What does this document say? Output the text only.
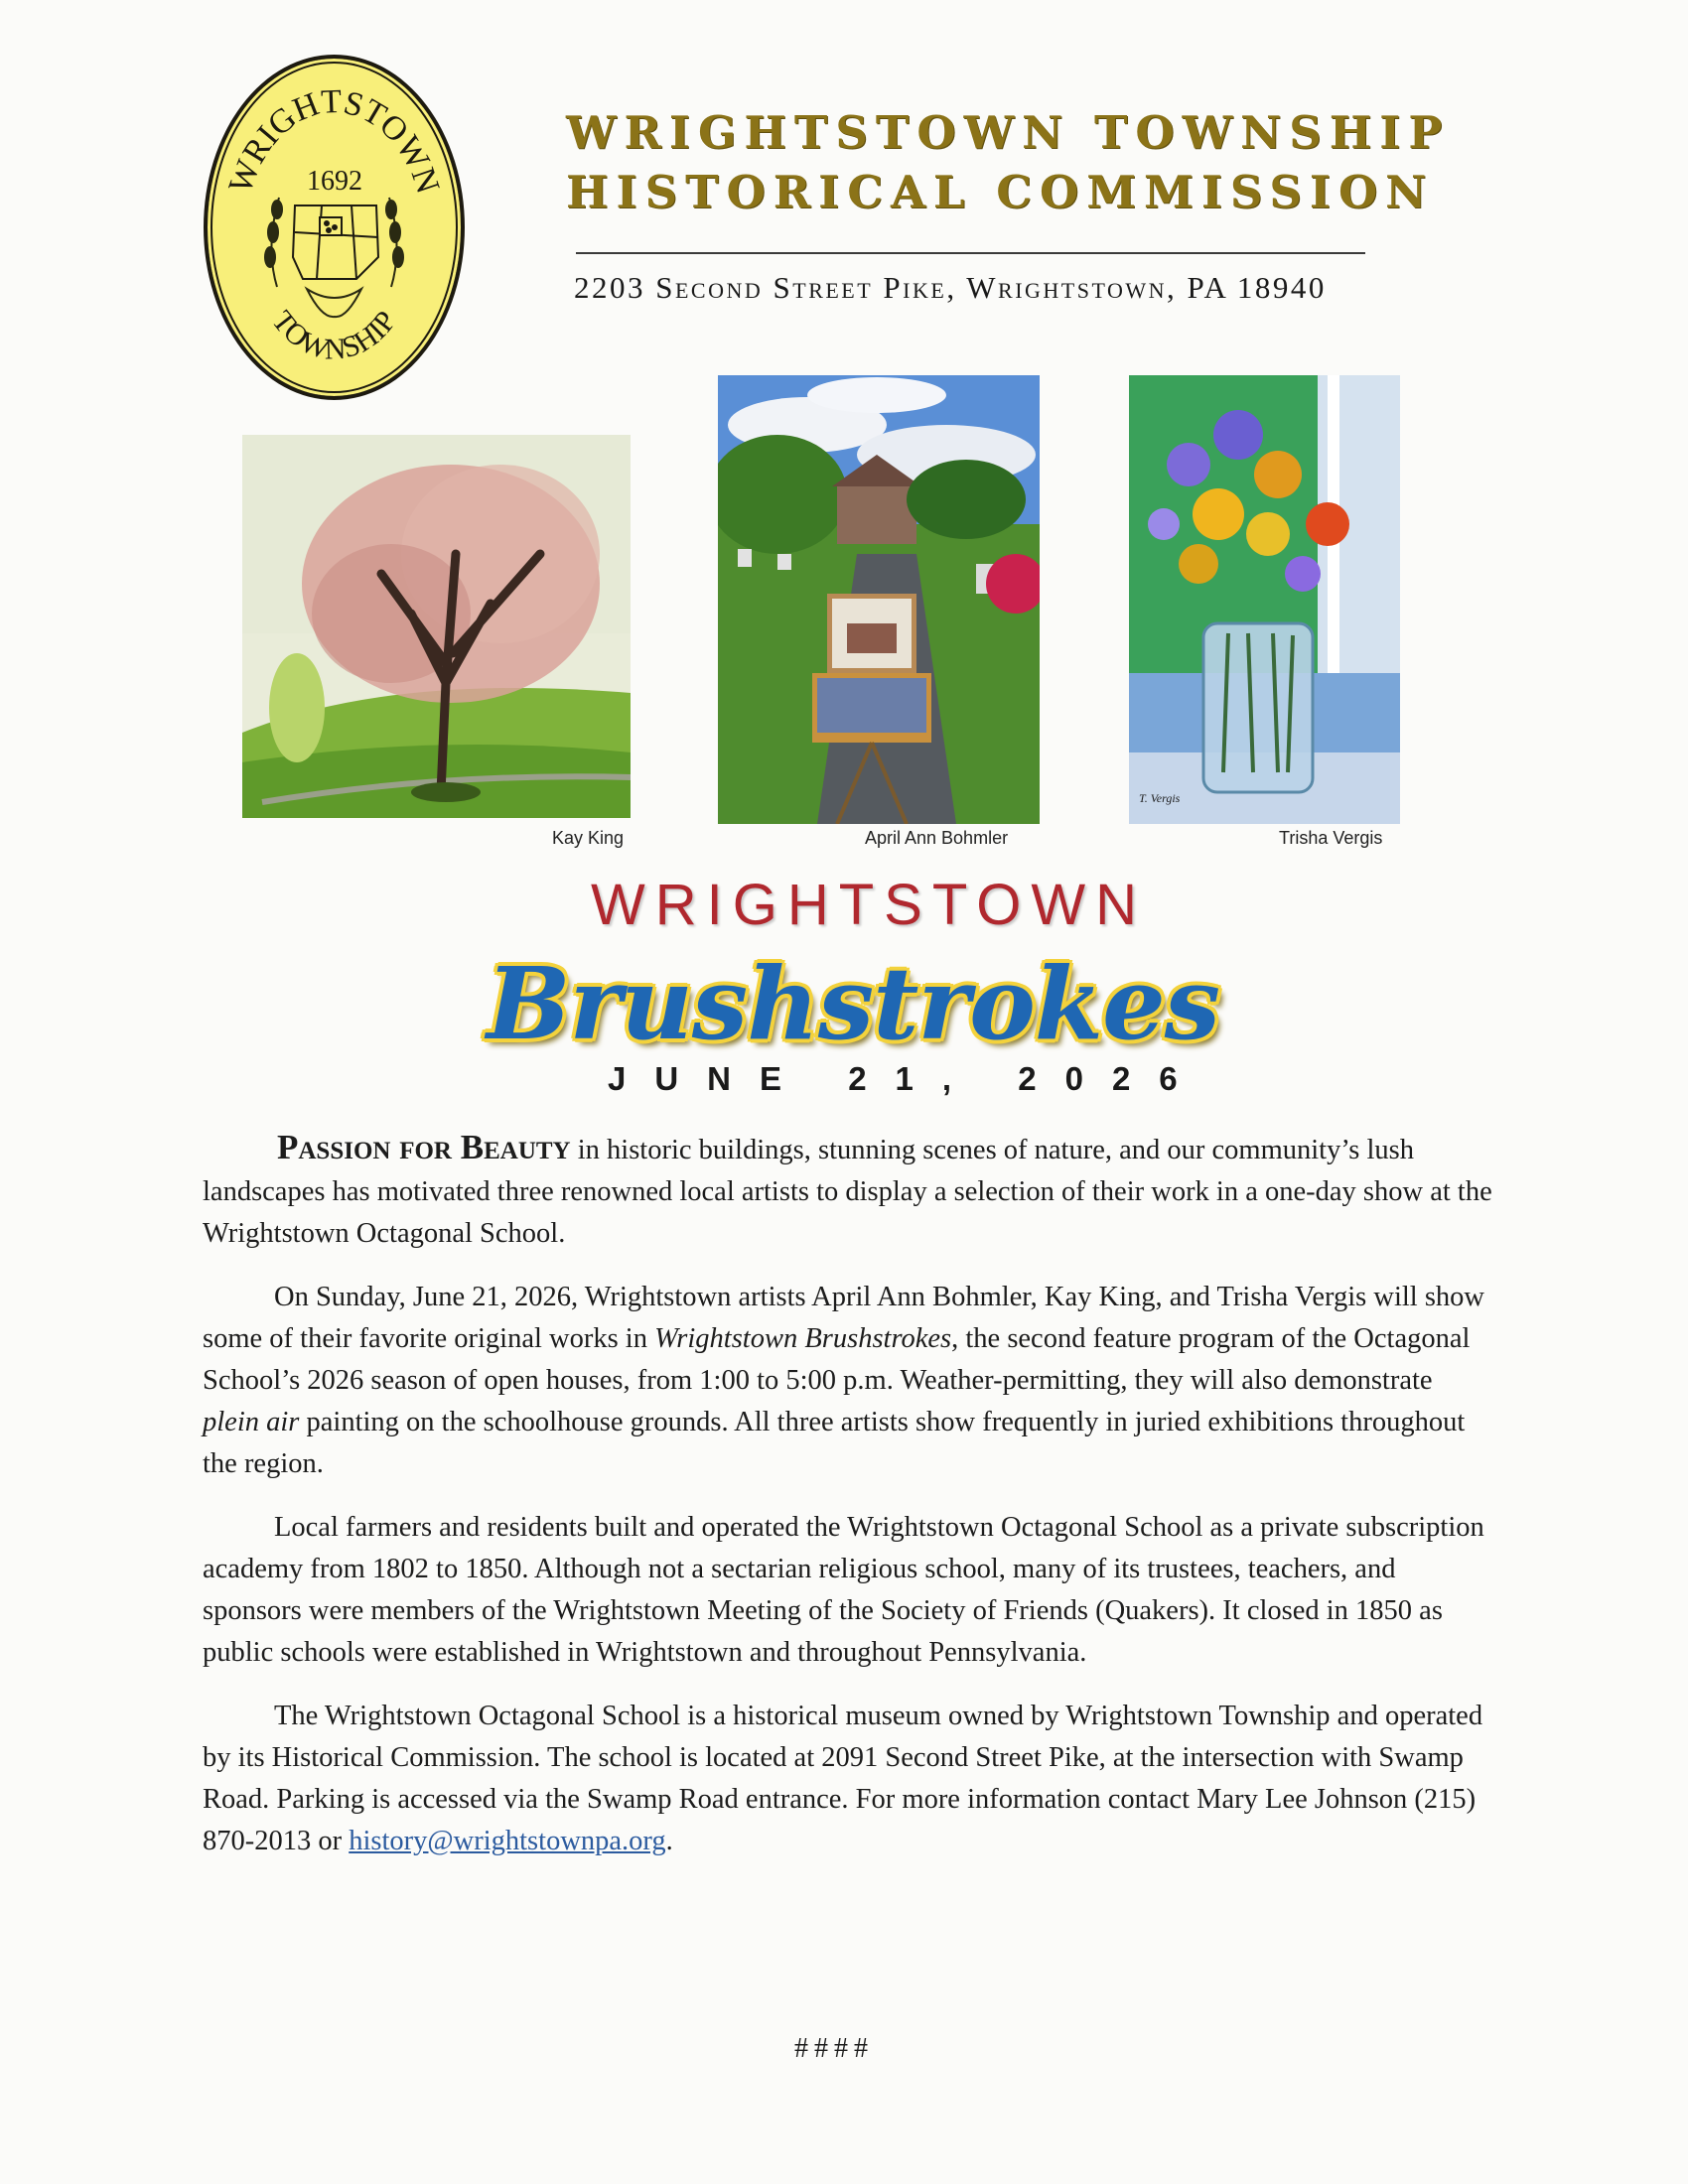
WRIGHTSTOWN
TOWNSHIP
1692
WRIGHTSTOWN TOWNSHIP
HISTORICAL COMMISSION
2203 Second Street Pike, Wrightstown, PA 18940
Kay King	April Ann Bohmler
T. Vergis
Trisha Vergis
WRIGHTSTOWN
Brushstrokes
JUNE 21, 2026

Passion for Beauty in historic buildings, stunning scenes of nature, and our community’s lush landscapes has motivated three renowned local artists to display a selection of their work in a one-day show at the Wrightstown Octagonal School.

On Sunday, June 21, 2026, Wrightstown artists April Ann Bohmler, Kay King, and Trisha Vergis will show some of their favorite original works in Wrightstown Brushstrokes, the second feature program of the Octagonal School’s 2026 season of open houses, from 1:00 to 5:00 p.m. Weather-permitting, they will also demonstrate plein air painting on the schoolhouse grounds. All three artists show frequently in juried exhibitions throughout the region.

Local farmers and residents built and operated the Wrightstown Octagonal School as a private subscription academy from 1802 to 1850. Although not a sectarian religious school, many of its trustees, teachers, and sponsors were members of the Wrightstown Meeting of the Society of Friends (Quakers). It closed in 1850 as public schools were established in Wrightstown and throughout Pennsylvania.

The Wrightstown Octagonal School is a historical museum owned by Wrightstown Township and operated by its Historical Commission. The school is located at 2091 Second Street Pike, at the intersection with Swamp Road. Parking is accessed via the Swamp Road entrance. For more information contact Mary Lee Johnson (215) 870-2013 or history@wrightstownpa.org.

####
